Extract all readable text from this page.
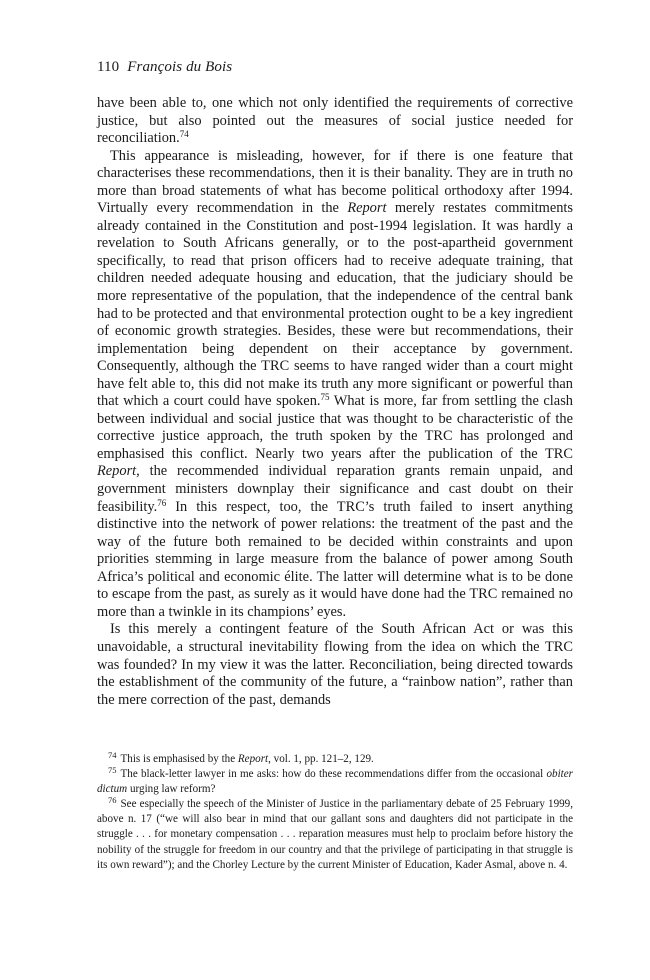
110 François du Bois

have been able to, one which not only identified the requirements of corrective justice, but also pointed out the measures of social justice needed for reconciliation.$^{74}$

This appearance is misleading, however, for if there is one feature that characterises these recommendations, then it is their banality. They are in truth no more than broad statements of what has become political orthodoxy after 1994. Virtually every recommendation in the Report merely restates commitments already contained in the Constitution and post-1994 legislation. It was hardly a revelation to South Africans generally, or to the post-apartheid government specifically, to read that prison officers had to receive adequate training, that children needed adequate housing and education, that the judiciary should be more representative of the population, that the independence of the central bank had to be protected and that environmental protection ought to be a key ingredient of economic growth strategies. Besides, these were but recommendations, their implementation being dependent on their acceptance by government. Consequently, although the TRC seems to have ranged wider than a court might have felt able to, this did not make its truth any more significant or powerful than that which a court could have spoken.$^{75}$ What is more, far from settling the clash between individual and social justice that was thought to be characteristic of the corrective justice approach, the truth spoken by the TRC has prolonged and emphasised this conflict. Nearly two years after the publication of the TRC Report, the recommended individual reparation grants remain unpaid, and government ministers downplay their significance and cast doubt on their feasibility.$^{76}$ In this respect, too, the TRC’s truth failed to insert anything distinctive into the network of power relations: the treatment of the past and the way of the future both remained to be decided within constraints and upon priorities stemming in large measure from the balance of power among South Africa’s political and economic élite. The latter will determine what is to be done to escape from the past, as surely as it would have done had the TRC remained no more than a twinkle in its champions’ eyes.

Is this merely a contingent feature of the South African Act or was this unavoidable, a structural inevitability flowing from the idea on which the TRC was founded? In my view it was the latter. Reconciliation, being directed towards the establishment of the community of the future, a “rainbow nation”, rather than the mere correction of the past, demands

$^{74}$ This is emphasised by the Report, vol. 1, pp. 121–2, 129.

$^{75}$ The black-letter lawyer in me asks: how do these recommendations differ from the occasional obiter dictum urging law reform?

$^{76}$ See especially the speech of the Minister of Justice in the parliamentary debate of 25 February 1999, above n. 17 (“we will also bear in mind that our gallant sons and daughters did not participate in the struggle . . . for monetary compensation . . . reparation measures must help to proclaim before history the nobility of the struggle for freedom in our country and that the privilege of participating in that struggle is its own reward”); and the Chorley Lecture by the current Minister of Education, Kader Asmal, above n. 4.
